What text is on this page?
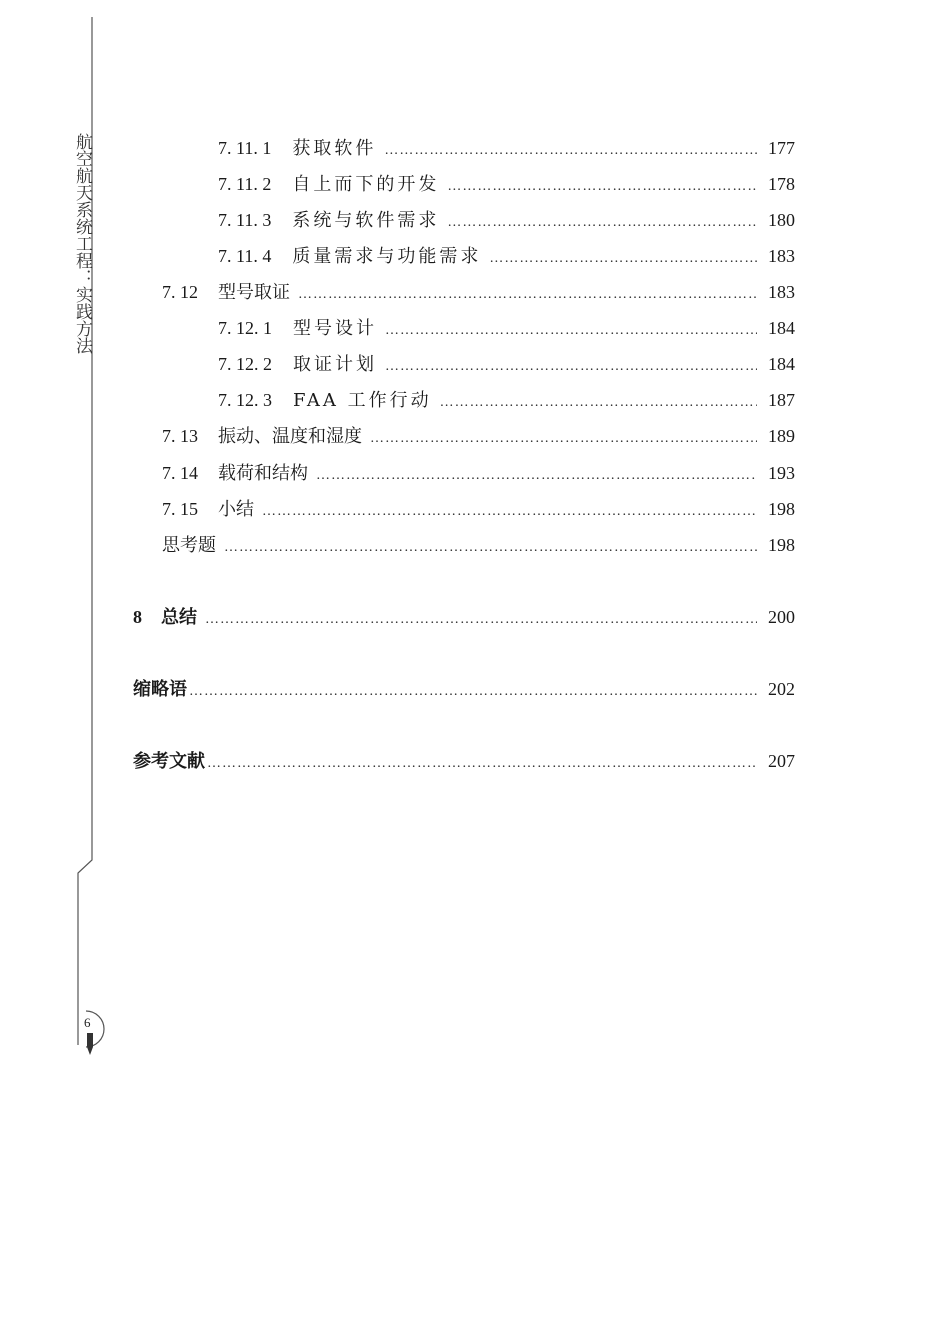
航空航天系统工程：实践方法
6
7. 11. 1 获取软件 ……………………………………………………………………………………………………………………………………………………………………………………………………………………………………	177
7. 11. 2 自上而下的开发 ……………………………………………………………………………………………………………………………………………………………………………………………………………………………………	178
7. 11. 3 系统与软件需求 ……………………………………………………………………………………………………………………………………………………………………………………………………………………………………	180
7. 11. 4 质量需求与功能需求 ……………………………………………………………………………………………………………………………………………………………………………………………………………………………………	183
7. 12 型号取证 ……………………………………………………………………………………………………………………………………………………………………………………………………………………………………	183
7. 12. 1 型号设计 ……………………………………………………………………………………………………………………………………………………………………………………………………………………………………	184
7. 12. 2 取证计划 ……………………………………………………………………………………………………………………………………………………………………………………………………………………………………	184
7. 12. 3 FAA 工作行动 ……………………………………………………………………………………………………………………………………………………………………………………………………………………………………	187
7. 13 振动、温度和湿度 ……………………………………………………………………………………………………………………………………………………………………………………………………………………………………	189
7. 14 载荷和结构 ……………………………………………………………………………………………………………………………………………………………………………………………………………………………………	193
7. 15 小结 ……………………………………………………………………………………………………………………………………………………………………………………………………………………………………	198
思考题 ……………………………………………………………………………………………………………………………………………………………………………………………………………………………………	198
8 总结 ……………………………………………………………………………………………………………………………………………………………………………………………………………………………………	200
缩略语 ……………………………………………………………………………………………………………………………………………………………………………………………………………………………………	202
参考文献 ……………………………………………………………………………………………………………………………………………………………………………………………………………………………………	207
